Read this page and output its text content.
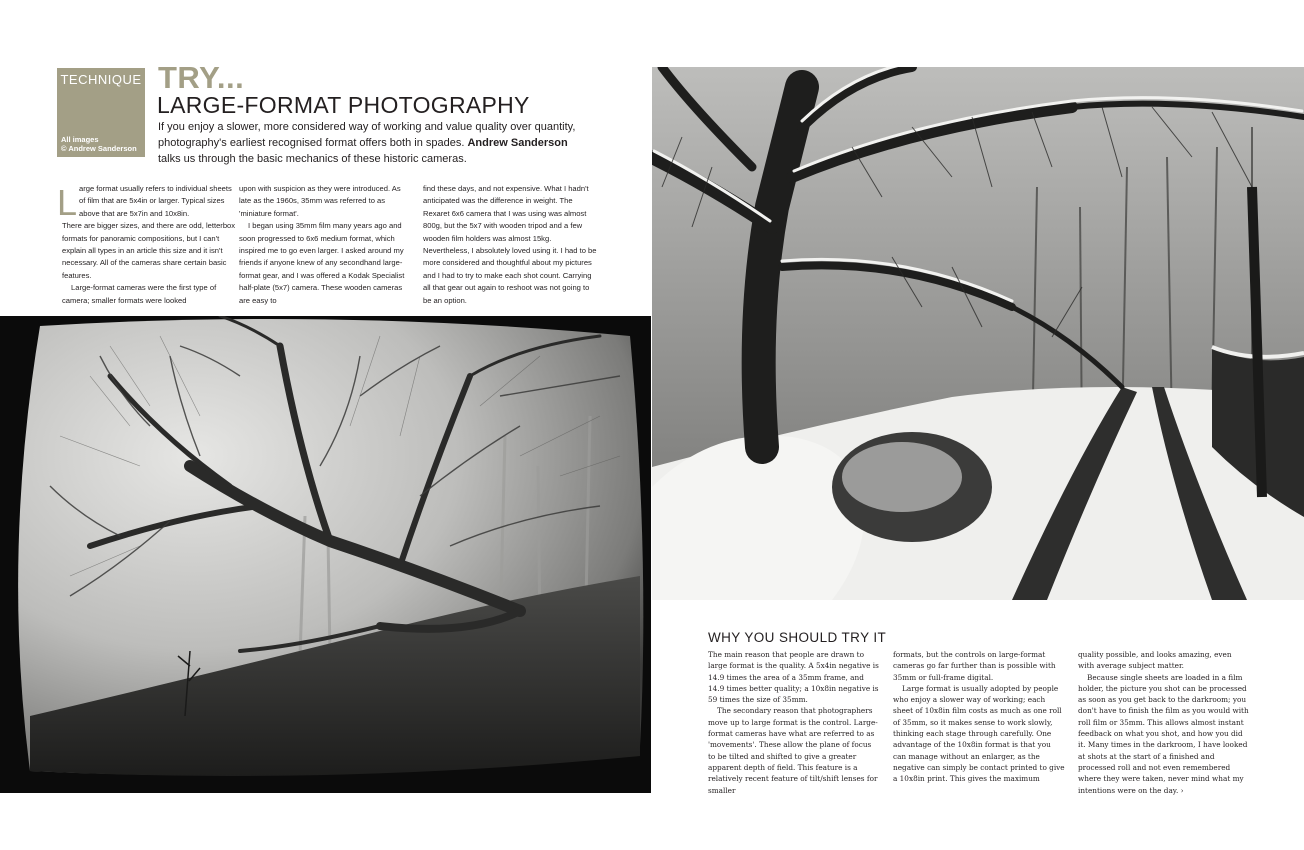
TECHNIQUE
All images
© Andrew Sanderson
TRY...
LARGE-FORMAT PHOTOGRAPHY
If you enjoy a slower, more considered way of working and value quality over quantity, photography's earliest recognised format offers both in spades. Andrew Sanderson talks us through the basic mechanics of these historic cameras.
L arge format usually refers to individual sheets of film that are 5x4in or larger. Typical sizes above that are 5x7in and 10x8in.
There are bigger sizes, and there are odd, letterbox formats for panoramic compositions, but I can't explain all types in an article this size and it isn't necessary. All of the cameras share certain basic features.

Large-format cameras were the first type of camera; smaller formats were looked

upon with suspicion as they were introduced. As late as the 1960s, 35mm was referred to as 'miniature format'.

I began using 35mm film many years ago and soon progressed to 6x6 medium format, which inspired me to go even larger. I asked around my friends if anyone knew of any secondhand large-format gear, and I was offered a Kodak Specialist half-plate (5x7) camera. These wooden cameras are easy to

find these days, and not expensive. What I hadn't anticipated was the difference in weight. The Rexaret 6x6 camera that I was using was almost 800g, but the 5x7 with wooden tripod and a few wooden film holders was almost 15kg. Nevertheless, I absolutely loved using it. I had to be more considered and thoughtful about my pictures and I had to try to make each shot count. Carrying all that gear out again to reshoot was not going to be an option.

WHY YOU SHOULD TRY IT

The main reason that people are drawn to large format is the quality. A 5x4in negative is 14.9 times the area of a 35mm frame, and 14.9 times better quality; a 10x8in negative is 59 times the size of 35mm.

The secondary reason that photographers move up to large format is the control. Large-format cameras have what are referred to as 'movements'. These allow the plane of focus to be tilted and shifted to give a greater apparent depth of field. This feature is a relatively recent feature of tilt/shift lenses for smaller

formats, but the controls on large-format cameras go far further than is possible with 35mm or full-frame digital.

Large format is usually adopted by people who enjoy a slower way of working; each sheet of 10x8in film costs as much as one roll of 35mm, so it makes sense to work slowly, thinking each stage through carefully. One advantage of the 10x8in format is that you can manage without an enlarger, as the negative can simply be contact printed to give a 10x8in print. This gives the maximum

quality possible, and looks amazing, even with average subject matter.

Because single sheets are loaded in a film holder, the picture you shot can be processed as soon as you get back to the darkroom; you don't have to finish the film as you would with roll film or 35mm. This allows almost instant feedback on what you shot, and how you did it. Many times in the darkroom, I have looked at shots at the start of a finished and processed roll and not even remembered where they were taken, never mind what my intentions were on the day. ›
